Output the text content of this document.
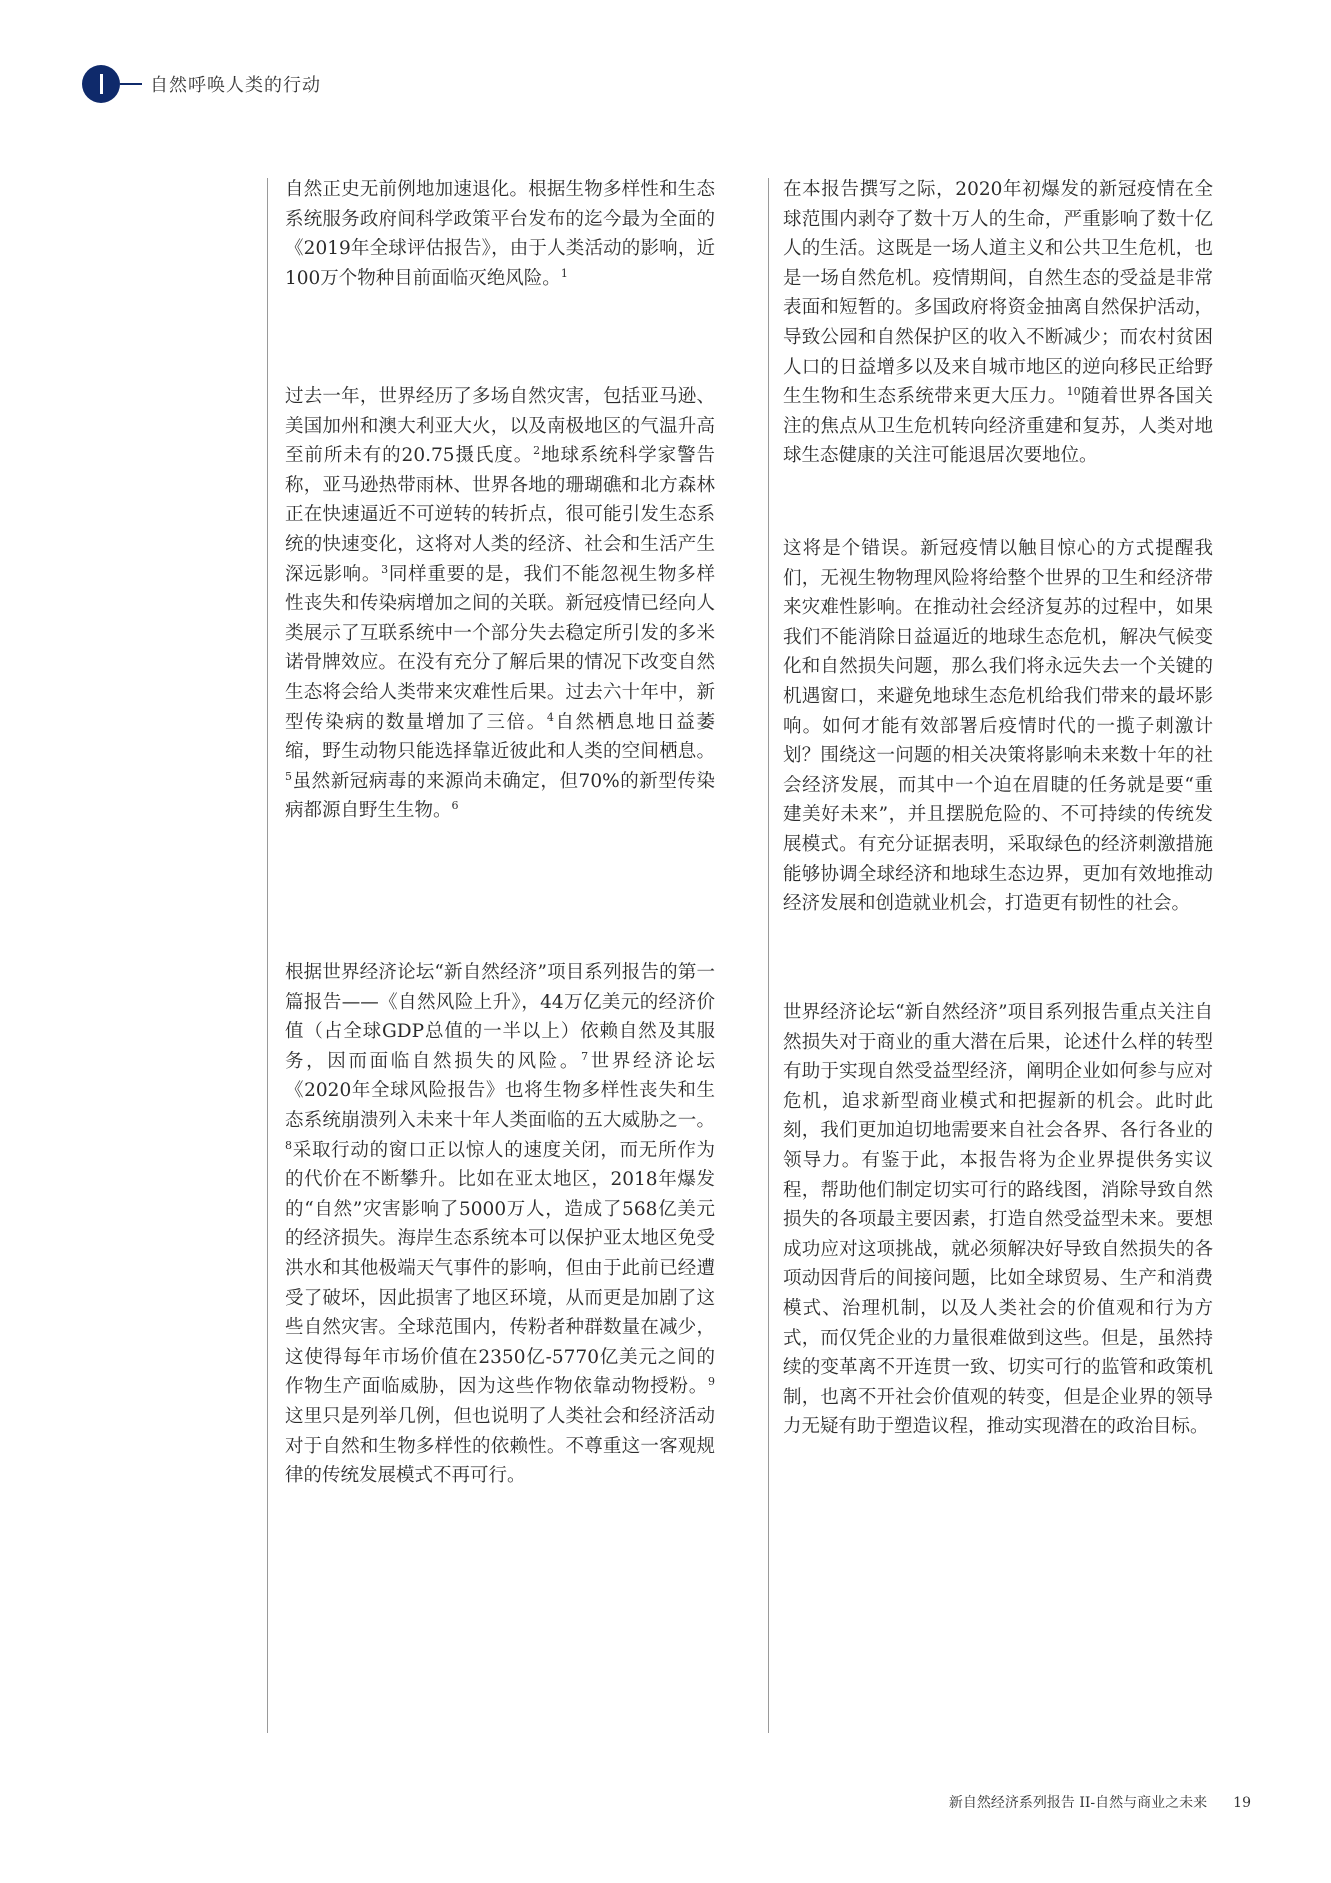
自然呼唤人类的行动

自然正史无前例地加速退化。根据生物多样性和生态系统服务政府间科学政策平台发布的迄今最为全面的《2019年全球评估报告》，由于人类活动的影响，近100万个物种目前面临灭绝风险。$^1$

过去一年，世界经历了多场自然灾害，包括亚马逊、美国加州和澳大利亚大火，以及南极地区的气温升高至前所未有的20.75摄氏度。$^2$地球系统科学家警告称，亚马逊热带雨林、世界各地的珊瑚礁和北方森林正在快速逼近不可逆转的转折点，很可能引发生态系统的快速变化，这将对人类的经济、社会和生活产生深远影响。$^3$同样重要的是，我们不能忽视生物多样性丧失和传染病增加之间的关联。新冠疫情已经向人类展示了互联系统中一个部分失去稳定所引发的多米诺骨牌效应。在没有充分了解后果的情况下改变自然生态将会给人类带来灾难性后果。过去六十年中，新型传染病的数量增加了三倍。$^4$自然栖息地日益萎缩，野生动物只能选择靠近彼此和人类的空间栖息。$^5$虽然新冠病毒的来源尚未确定，但70%的新型传染病都源自野生生物。$^6$

根据世界经济论坛“新自然经济”项目系列报告的第一篇报告——《自然风险上升》，44万亿美元的经济价值（占全球GDP总值的一半以上）依赖自然及其服务，因而面临自然损失的风险。$^7$世界经济论坛《2020年全球风险报告》也将生物多样性丧失和生态系统崩溃列入未来十年人类面临的五大威胁之一。$^8$采取行动的窗口正以惊人的速度关闭，而无所作为的代价在不断攀升。比如在亚太地区，2018年爆发的“自然”灾害影响了5000万人，造成了568亿美元的经济损失。海岸生态系统本可以保护亚太地区免受洪水和其他极端天气事件的影响，但由于此前已经遭受了破坏，因此损害了地区环境，从而更是加剧了这些自然灾害。全球范围内，传粉者种群数量在减少，这使得每年市场价值在2350亿-5770亿美元之间的作物生产面临威胁，因为这些作物依靠动物授粉。$^9$这里只是列举几例，但也说明了人类社会和经济活动对于自然和生物多样性的依赖性。不尊重这一客观规律的传统发展模式不再可行。

在本报告撰写之际，2020年初爆发的新冠疫情在全球范围内剥夺了数十万人的生命，严重影响了数十亿人的生活。这既是一场人道主义和公共卫生危机，也是一场自然危机。疫情期间，自然生态的受益是非常表面和短暂的。多国政府将资金抽离自然保护活动，导致公园和自然保护区的收入不断减少；而农村贫困人口的日益增多以及来自城市地区的逆向移民正给野生生物和生态系统带来更大压力。$^{10}$随着世界各国关注的焦点从卫生危机转向经济重建和复苏，人类对地球生态健康的关注可能退居次要地位。

这将是个错误。新冠疫情以触目惊心的方式提醒我们，无视生物物理风险将给整个世界的卫生和经济带来灾难性影响。在推动社会经济复苏的过程中，如果我们不能消除日益逼近的地球生态危机，解决气候变化和自然损失问题，那么我们将永远失去一个关键的机遇窗口，来避免地球生态危机给我们带来的最坏影响。如何才能有效部署后疫情时代的一揽子刺激计划？围绕这一问题的相关决策将影响未来数十年的社会经济发展，而其中一个迫在眉睫的任务就是要“重建美好未来”，并且摆脱危险的、不可持续的传统发展模式。有充分证据表明，采取绿色的经济刺激措施能够协调全球经济和地球生态边界，更加有效地推动经济发展和创造就业机会，打造更有韧性的社会。

世界经济论坛“新自然经济”项目系列报告重点关注自然损失对于商业的重大潜在后果，论述什么样的转型有助于实现自然受益型经济，阐明企业如何参与应对危机，追求新型商业模式和把握新的机会。此时此刻，我们更加迫切地需要来自社会各界、各行各业的领导力。有鉴于此，本报告将为企业界提供务实议程，帮助他们制定切实可行的路线图，消除导致自然损失的各项最主要因素，打造自然受益型未来。要想成功应对这项挑战，就必须解决好导致自然损失的各项动因背后的间接问题，比如全球贸易、生产和消费模式、治理机制，以及人类社会的价值观和行为方式，而仅凭企业的力量很难做到这些。但是，虽然持续的变革离不开连贯一致、切实可行的监管和政策机制，也离不开社会价值观的转变，但是企业界的领导力无疑有助于塑造议程，推动实现潜在的政治目标。

新自然经济系列报告 II-自然与商业之未来 19
